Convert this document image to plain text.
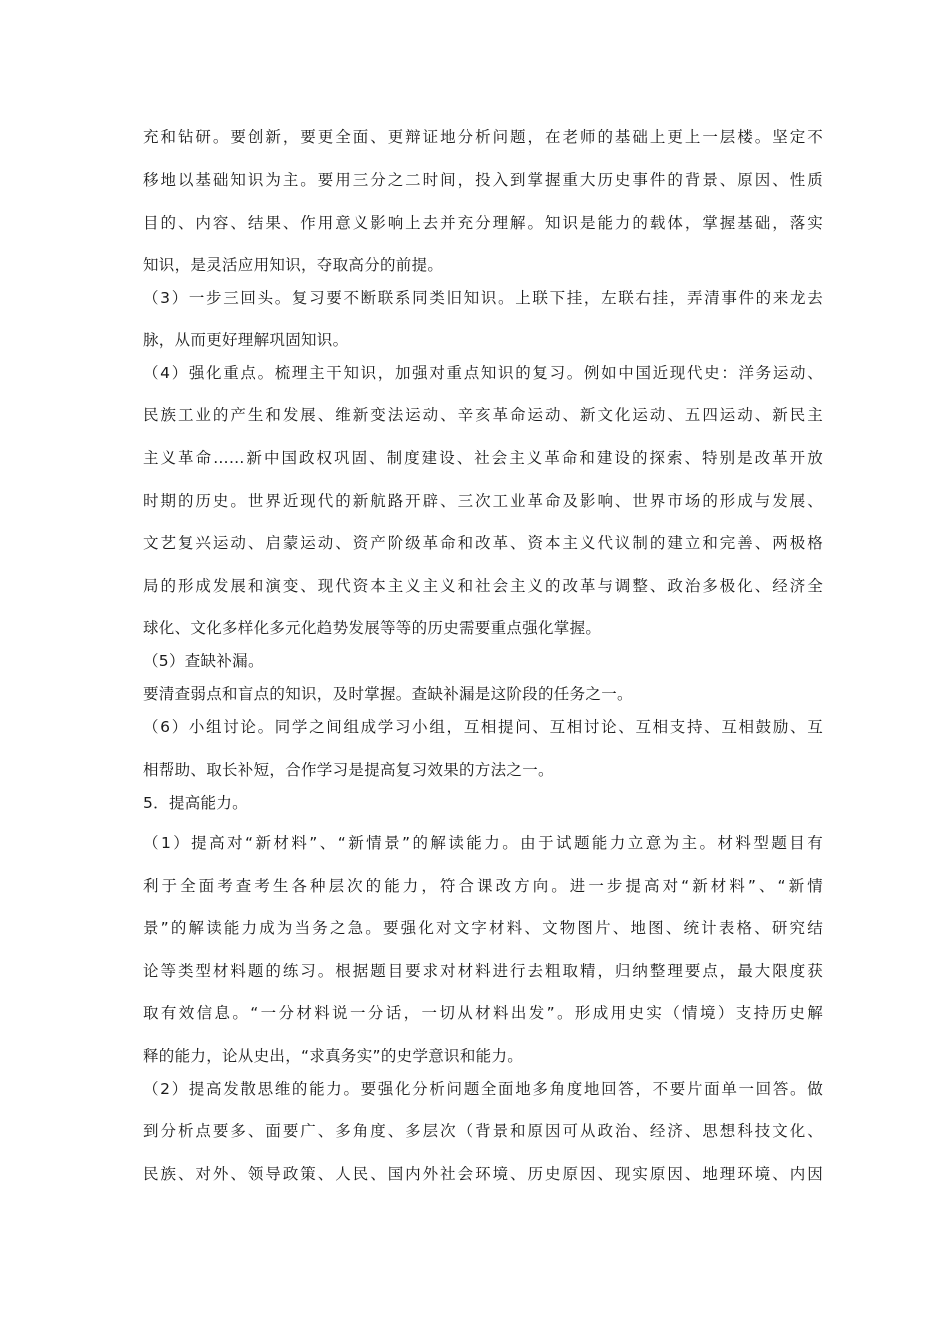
充和钻研。要创新，要更全面、更辩证地分析问题，在老师的基础上更上一层楼。坚定不
移地以基础知识为主。要用三分之二时间，投入到掌握重大历史事件的背景、原因、性质
目的、内容、结果、作用意义影响上去并充分理解。知识是能力的载体，掌握基础，落实
知识，是灵活应用知识，夺取高分的前提。
（3）一步三回头。复习要不断联系同类旧知识。上联下挂，左联右挂，弄清事件的来龙去
脉，从而更好理解巩固知识。
（4）强化重点。梳理主干知识，加强对重点知识的复习。例如中国近现代史：洋务运动、
民族工业的产生和发展、维新变法运动、辛亥革命运动、新文化运动、五四运动、新民主
主义革命……新中国政权巩固、制度建设、社会主义革命和建设的探索、特别是改革开放
时期的历史。世界近现代的新航路开辟、三次工业革命及影响、世界市场的形成与发展、
文艺复兴运动、启蒙运动、资产阶级革命和改革、资本主义代议制的建立和完善、两极格
局的形成发展和演变、现代资本主义主义和社会主义的改革与调整、政治多极化、经济全
球化、文化多样化多元化趋势发展等等的历史需要重点强化掌握。
（5）查缺补漏。
要清查弱点和盲点的知识，及时掌握。查缺补漏是这阶段的任务之一。
（6）小组讨论。同学之间组成学习小组，互相提问、互相讨论、互相支持、互相鼓励、互
相帮助、取长补短，合作学习是提高复习效果的方法之一。
5．提高能力。
（1）提高对“新材料”、“新情景”的解读能力。由于试题能力立意为主。材料型题目有
利于全面考查考生各种层次的能力，符合课改方向。进一步提高对“新材料”、“新情
景”的解读能力成为当务之急。要强化对文字材料、文物图片、地图、统计表格、研究结
论等类型材料题的练习。根据题目要求对材料进行去粗取精，归纳整理要点，最大限度获
取有效信息。“一分材料说一分话，一切从材料出发”。形成用史实（情境）支持历史解
释的能力，论从史出，“求真务实”的史学意识和能力。
（2）提高发散思维的能力。要强化分析问题全面地多角度地回答，不要片面单一回答。做
到分析点要多、面要广、多角度、多层次（背景和原因可从政治、经济、思想科技文化、
民族、对外、领导政策、人民、国内外社会环境、历史原因、现实原因、地理环境、内因
